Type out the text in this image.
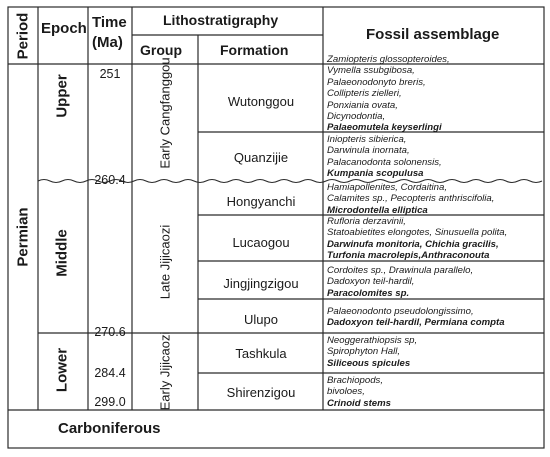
Period Epoch Time
(Ma)
Lithostratigraphy
Group	Formation
Fossil assemblage
Permian
Upper
Middle
Lower
251
260.4
270.6
284.4
299.0
Early Cangfanggou
Late Jijicaozi
Early Jijicaozi
Wutonggou
Quanzijie
Hongyanchi
Lucaogou
Jingjingzigou
Ulupo
Tashkula
Shirenzigou
Zamiopteris glossopteroides,
Vymella ssubgibosa,
Palaeonodonyto breris,
Collipteris zielleri,
Ponxiania ovata,
Dicynodontia,
Palaeomutela keyserlingi
Iniopteris sibierica,
Darwinula inornata,
Palacanodonta solonensis,
Kumpania scopulusa
Hamiapollenites, Cordaitina,
Calamites sp., Pecopteris anthriscifolia,
Microdontella elliptica
Rufloria derzavinii,
Statoabietites elongotes, Sinusuella polita,
Darwinufa monitoria, Chichia gracilis,
Turfonia macrolepis,Anthraconouta
Cordoites sp., Drawinula parallelo,
Dadoxyon teil-hardil,
Paracolomites sp.
Palaeonodonto pseudolongissimo,
Dadoxyon teil-hardil, Permiana compta
Neoggerathiopsis sp,
Spirophyton Hall,
Siliceous spicules
Brachiopods,
bivoloes,
Crinoid stems
Carboniferous
